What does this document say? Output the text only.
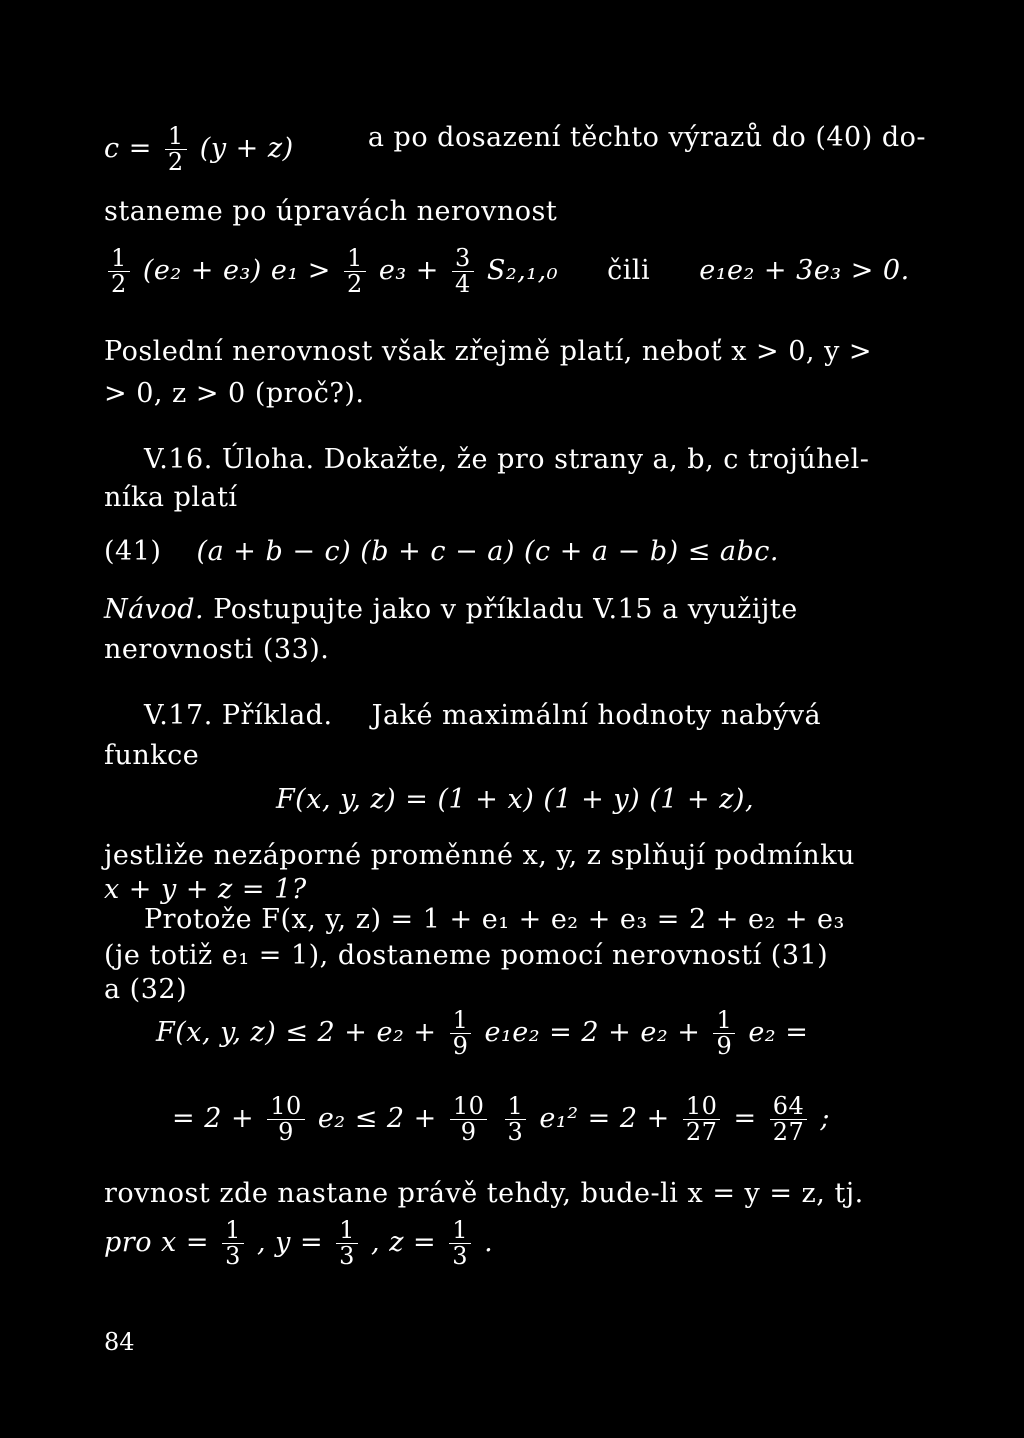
$c = \frac{1}{2} (y + z)$	a po dosazení těchto výrazů do (40) do-
staneme po úpravách nerovnost
$\frac{1}{2} (e_2 + e_3) e_1 > \frac{1}{2} e_3 + \frac{3}{4} S_2,_1,_0$ čili e₁e₂ + 3e₃ > 0.
Poslední nerovnost však zřejmě platí, neboť x > 0, y >
> 0, z > 0 (proč?).
V.16. Úloha. Dokažte, že pro strany a, b, c trojúhel-
níka platí
(41) (a + b − c) (b + c − a) (c + a − b) ≤ abc.
Návod. Postupujte jako v příkladu V.15 a využijte
nerovnosti (33).
V.17. Příklad. Jaké maximální hodnoty nabývá
funkce
F(x, y, z) = (1 + x) (1 + y) (1 + z),
jestliže nezáporné proměnné x, y, z splňují podmínku
x + y + z = 1?
Protože F(x, y, z) = 1 + e₁ + e₂ + e₃ = 2 + e₂ + e₃
(je totiž e₁ = 1), dostaneme pomocí nerovností (31)
a (32)
F(x, y, $z) \le 2 + e_2 + \frac{1}{9} e_1e_2 = 2 + e_2 + \frac{1}{9} e_2$ =
= $2 + \frac{10}{9} e_2 \le 2 + \frac{10}{9}$
$\frac{1}{3} e_1^2 = 2 + \frac{10}{27} = \frac{64}{27}$ ;
rovnost zde nastane právě tehdy, bude-li x = y = z, tj.
pro $x = \frac{1}{3}$ , $y = \frac{1}{3}$ , $z = \frac{1}{3}$ .
84
